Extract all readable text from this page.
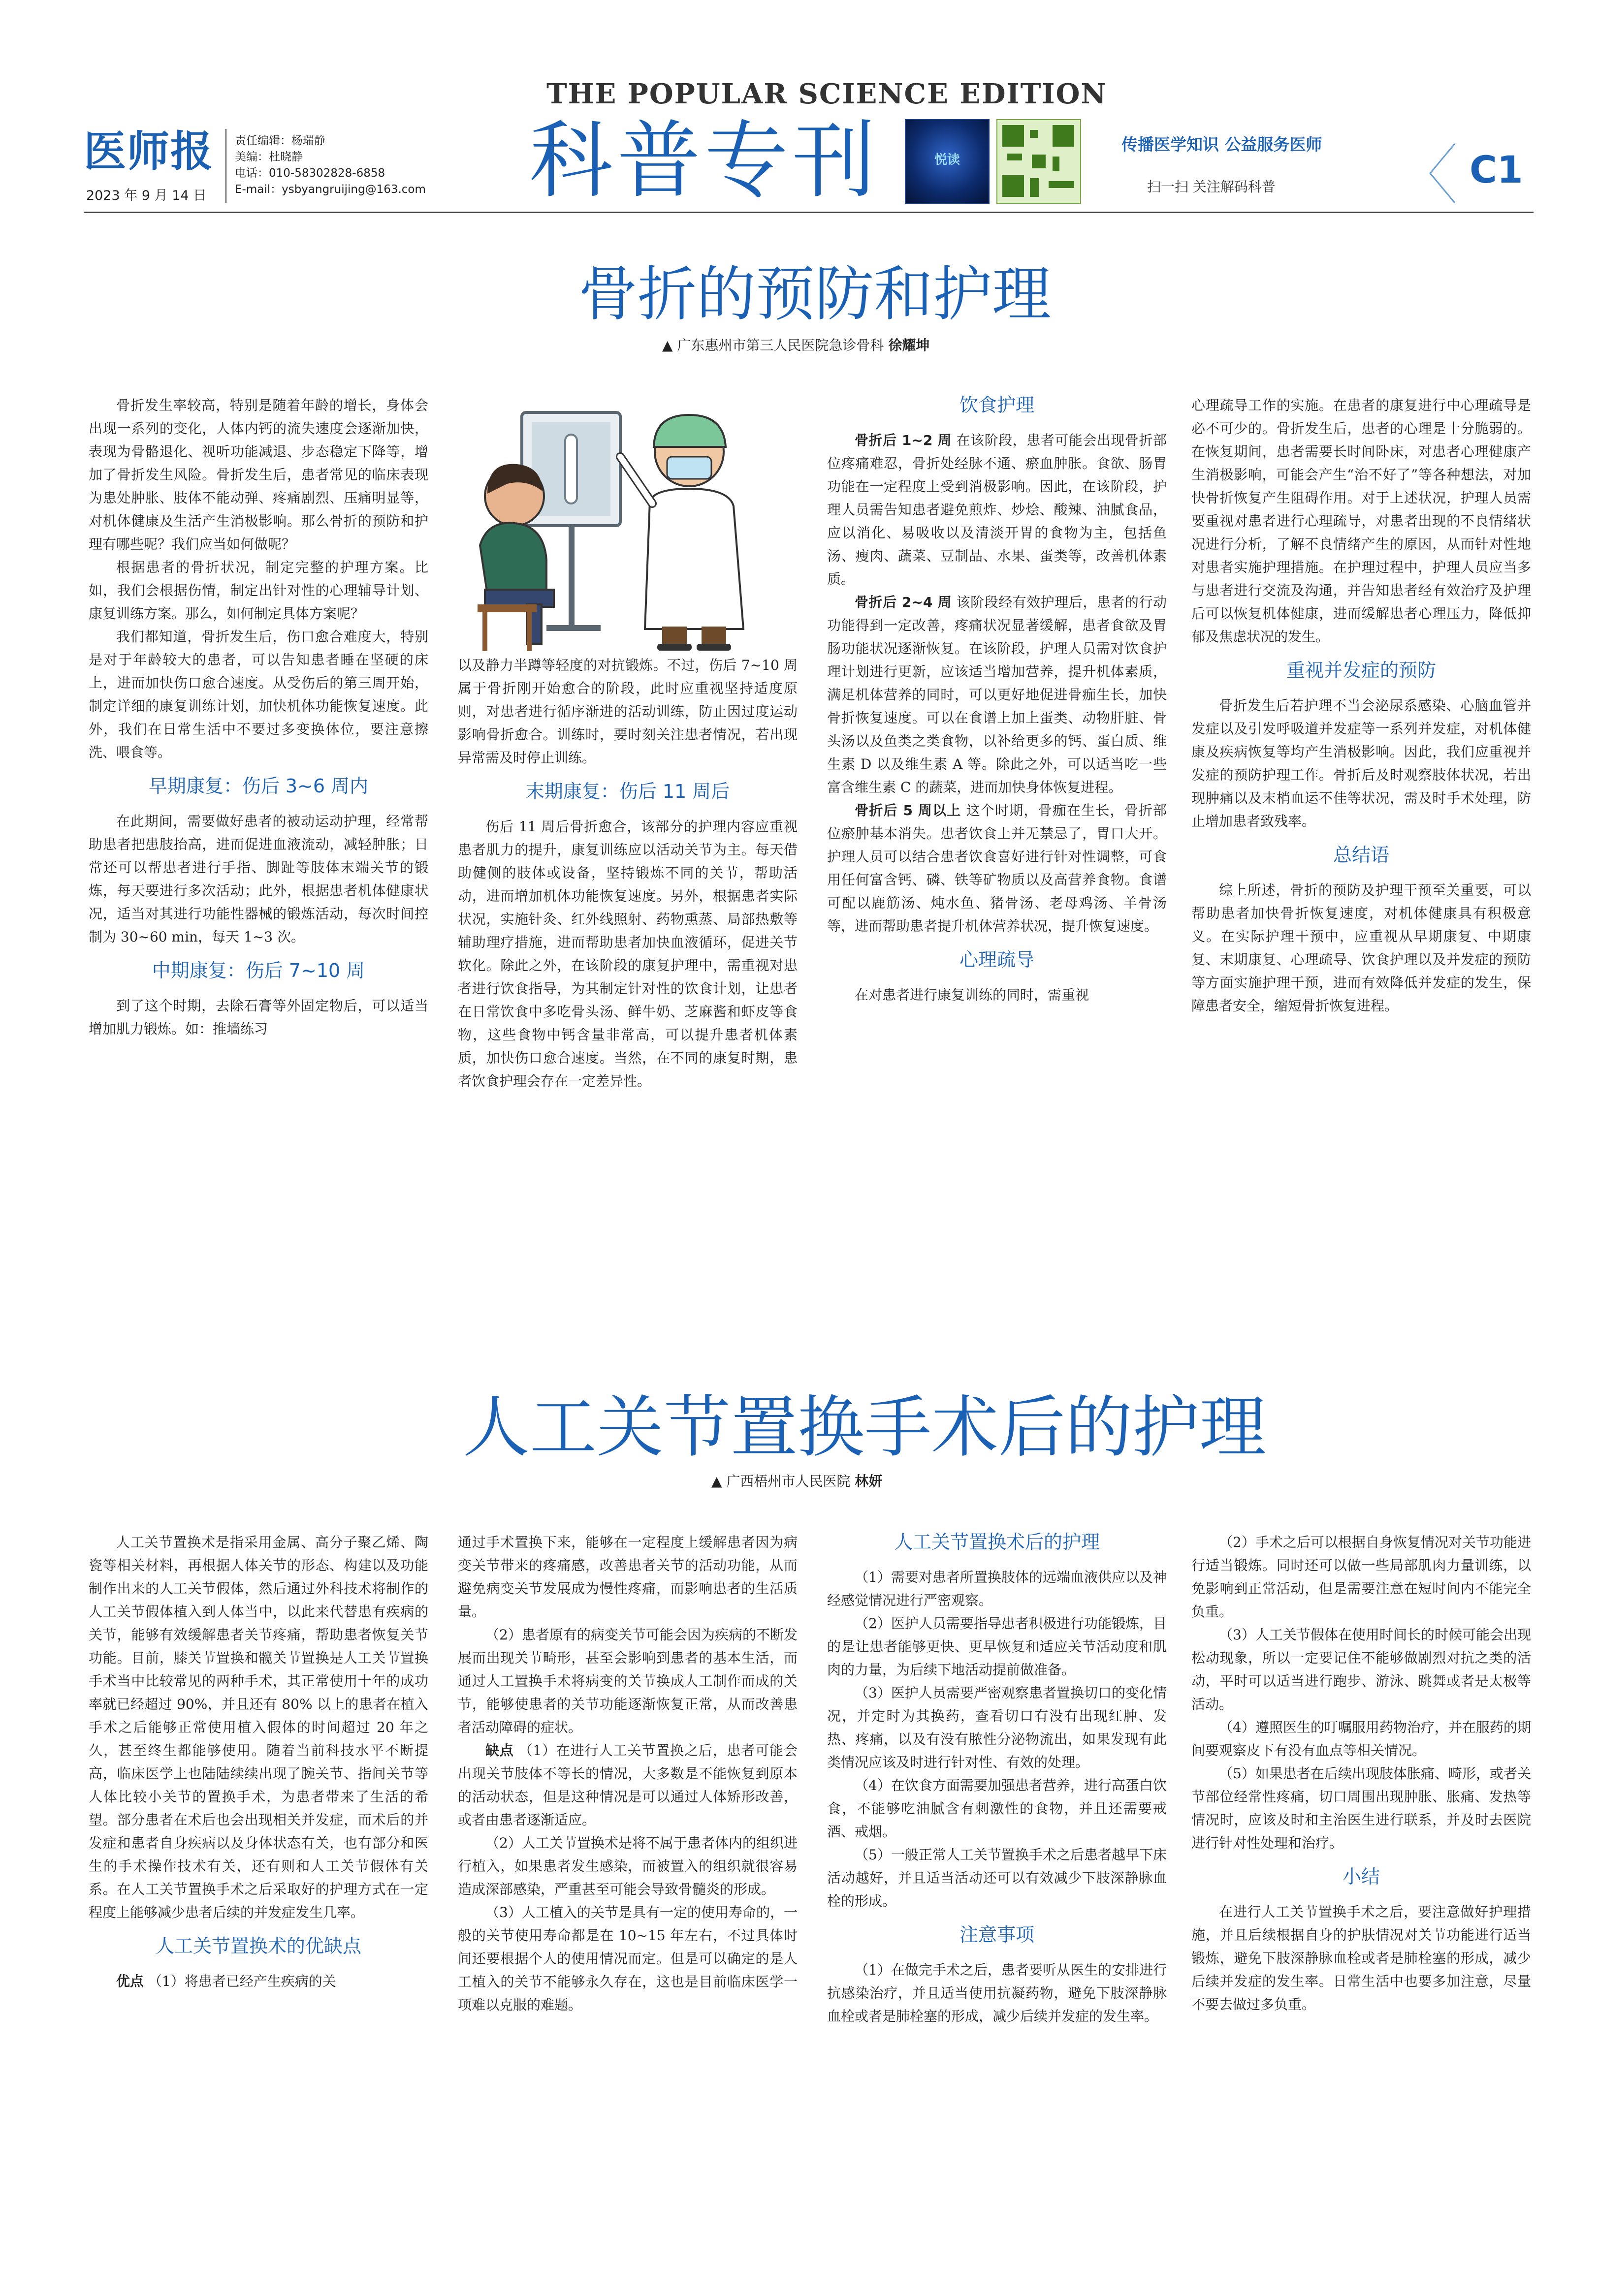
医师报
2023 年 9 月 14 日
责任编辑：杨瑞静
美编：杜晓静
电话：010-58302828-6858
E-mail：ysbyangruijing@163.com
THE POPULAR SCIENCE EDITION
科普专刊	悦读
传播医学知识 公益服务医师
扫一扫 关注解码科普	C1
骨折的预防和护理
▲ 广东惠州市第三人民医院急诊骨科 徐耀坤

骨折发生率较高，特别是随着年龄的增长，身体会出现一系列的变化，人体内钙的流失速度会逐渐加快，表现为骨骼退化、视听功能减退、步态稳定下降等，增加了骨折发生风险。骨折发生后，患者常见的临床表现为患处肿胀、肢体不能动弹、疼痛剧烈、压痛明显等，对机体健康及生活产生消极影响。那么骨折的预防和护理有哪些呢？我们应当如何做呢？

根据患者的骨折状况，制定完整的护理方案。比如，我们会根据伤情，制定出针对性的心理辅导计划、康复训练方案。那么，如何制定具体方案呢？

我们都知道，骨折发生后，伤口愈合难度大，特别是对于年龄较大的患者，可以告知患者睡在坚硬的床上，进而加快伤口愈合速度。从受伤后的第三周开始，制定详细的康复训练计划，加快机体功能恢复速度。此外，我们在日常生活中不要过多变换体位，要注意擦洗、喂食等。

早期康复：伤后 3~6 周内

在此期间，需要做好患者的被动运动护理，经常帮助患者把患肢抬高，进而促进血液流动，减轻肿胀；日常还可以帮患者进行手指、脚趾等肢体末端关节的锻炼，每天要进行多次活动；此外，根据患者机体健康状况，适当对其进行功能性器械的锻炼活动，每次时间控制为 30~60 min，每天 1~3 次。

中期康复：伤后 7~10 周

到了这个时期，去除石膏等外固定物后，可以适当增加肌力锻炼。如：推墙练习

以及静力半蹲等轻度的对抗锻炼。不过，伤后 7~10 周属于骨折刚开始愈合的阶段，此时应重视坚持适度原则，对患者进行循序渐进的活动训练，防止因过度运动影响骨折愈合。训练时，要时刻关注患者情况，若出现异常需及时停止训练。

末期康复：伤后 11 周后

伤后 11 周后骨折愈合，该部分的护理内容应重视患者肌力的提升，康复训练应以活动关节为主。每天借助健侧的肢体或设备，坚持锻炼不同的关节，帮助活动，进而增加机体功能恢复速度。另外，根据患者实际状况，实施针灸、红外线照射、药物熏蒸、局部热敷等辅助理疗措施，进而帮助患者加快血液循环，促进关节软化。除此之外，在该阶段的康复护理中，需重视对患者进行饮食指导，为其制定针对性的饮食计划，让患者在日常饮食中多吃骨头汤、鲜牛奶、芝麻酱和虾皮等食物，这些食物中钙含量非常高，可以提升患者机体素质，加快伤口愈合速度。当然，在不同的康复时期，患者饮食护理会存在一定差异性。

饮食护理

骨折后 1~2 周 在该阶段，患者可能会出现骨折部位疼痛难忍，骨折处经脉不通、瘀血肿胀。食欲、肠胃功能在一定程度上受到消极影响。因此，在该阶段，护理人员需告知患者避免煎炸、炒烩、酸辣、油腻食品，应以消化、易吸收以及清淡开胃的食物为主，包括鱼汤、瘦肉、蔬菜、豆制品、水果、蛋类等，改善机体素质。

骨折后 2~4 周 该阶段经有效护理后，患者的行动功能得到一定改善，疼痛状况显著缓解，患者食欲及胃肠功能状况逐渐恢复。在该阶段，护理人员需对饮食护理计划进行更新，应该适当增加营养，提升机体素质，满足机体营养的同时，可以更好地促进骨痂生长，加快骨折恢复速度。可以在食谱上加上蛋类、动物肝脏、骨头汤以及鱼类之类食物，以补给更多的钙、蛋白质、维生素 D 以及维生素 A 等。除此之外，可以适当吃一些富含维生素 C 的蔬菜，进而加快身体恢复进程。

骨折后 5 周以上 这个时期，骨痂在生长，骨折部位瘀肿基本消失。患者饮食上并无禁忌了，胃口大开。护理人员可以结合患者饮食喜好进行针对性调整，可食用任何富含钙、磷、铁等矿物质以及高营养食物。食谱可配以鹿筋汤、炖水鱼、猪骨汤、老母鸡汤、羊骨汤等，进而帮助患者提升机体营养状况，提升恢复速度。

心理疏导

在对患者进行康复训练的同时，需重视

心理疏导工作的实施。在患者的康复进行中心理疏导是必不可少的。骨折发生后，患者的心理是十分脆弱的。在恢复期间，患者需要长时间卧床，对患者心理健康产生消极影响，可能会产生“治不好了”等各种想法，对加快骨折恢复产生阻碍作用。对于上述状况，护理人员需要重视对患者进行心理疏导，对患者出现的不良情绪状况进行分析，了解不良情绪产生的原因，从而针对性地对患者实施护理措施。在护理过程中，护理人员应当多与患者进行交流及沟通，并告知患者经有效治疗及护理后可以恢复机体健康，进而缓解患者心理压力，降低抑郁及焦虑状况的发生。

重视并发症的预防

骨折发生后若护理不当会泌尿系感染、心脑血管并发症以及引发呼吸道并发症等一系列并发症，对机体健康及疾病恢复等均产生消极影响。因此，我们应重视并发症的预防护理工作。骨折后及时观察肢体状况，若出现肿痛以及末梢血运不佳等状况，需及时手术处理，防止增加患者致残率。

总结语

综上所述，骨折的预防及护理干预至关重要，可以帮助患者加快骨折恢复速度，对机体健康具有积极意义。在实际护理干预中，应重视从早期康复、中期康复、末期康复、心理疏导、饮食护理以及并发症的预防等方面实施护理干预，进而有效降低并发症的发生，保障患者安全，缩短骨折恢复进程。

人工关节置换手术后的护理
▲ 广西梧州市人民医院 林妍

人工关节置换术是指采用金属、高分子聚乙烯、陶瓷等相关材料，再根据人体关节的形态、构建以及功能制作出来的人工关节假体，然后通过外科技术将制作的人工关节假体植入到人体当中，以此来代替患有疾病的关节，能够有效缓解患者关节疼痛，帮助患者恢复关节功能。目前，膝关节置换和髋关节置换是人工关节置换手术当中比较常见的两种手术，其正常使用十年的成功率就已经超过 90%，并且还有 80% 以上的患者在植入手术之后能够正常使用植入假体的时间超过 20 年之久，甚至终生都能够使用。随着当前科技水平不断提高，临床医学上也陆陆续续出现了腕关节、指间关节等人体比较小关节的置换手术，为患者带来了生活的希望。部分患者在术后也会出现相关并发症，而术后的并发症和患者自身疾病以及身体状态有关，也有部分和医生的手术操作技术有关，还有则和人工关节假体有关系。在人工关节置换手术之后采取好的护理方式在一定程度上能够减少患者后续的并发症发生几率。

人工关节置换术的优缺点

优点 （1）将患者已经产生疾病的关

通过手术置换下来，能够在一定程度上缓解患者因为病变关节带来的疼痛感，改善患者关节的活动功能，从而避免病变关节发展成为慢性疼痛，而影响患者的生活质量。

（2）患者原有的病变关节可能会因为疾病的不断发展而出现关节畸形，甚至会影响到患者的基本生活，而通过人工置换手术将病变的关节换成人工制作而成的关节，能够使患者的关节功能逐渐恢复正常，从而改善患者活动障碍的症状。

缺点 （1）在进行人工关节置换之后，患者可能会出现关节肢体不等长的情况，大多数是不能恢复到原本的活动状态，但是这种情况是可以通过人体矫形改善，或者由患者逐渐适应。

（2）人工关节置换术是将不属于患者体内的组织进行植入，如果患者发生感染，而被置入的组织就很容易造成深部感染，严重甚至可能会导致骨髓炎的形成。

（3）人工植入的关节是具有一定的使用寿命的，一般的关节使用寿命都是在 10~15 年左右，不过具体时间还要根据个人的使用情况而定。但是可以确定的是人工植入的关节不能够永久存在，这也是目前临床医学一项难以克服的难题。

人工关节置换术后的护理

（1）需要对患者所置换肢体的远端血液供应以及神经感觉情况进行严密观察。

（2）医护人员需要指导患者积极进行功能锻炼，目的是让患者能够更快、更早恢复和适应关节活动度和肌肉的力量，为后续下地活动提前做准备。

（3）医护人员需要严密观察患者置换切口的变化情况，并定时为其换药，查看切口有没有出现红肿、发热、疼痛，以及有没有脓性分泌物流出，如果发现有此类情况应该及时进行针对性、有效的处理。

（4）在饮食方面需要加强患者营养，进行高蛋白饮食，不能够吃油腻含有刺激性的食物，并且还需要戒酒、戒烟。

（5）一般正常人工关节置换手术之后患者越早下床活动越好，并且适当活动还可以有效减少下肢深静脉血栓的形成。

注意事项

（1）在做完手术之后，患者要听从医生的安排进行抗感染治疗，并且适当使用抗凝药物，避免下肢深静脉血栓或者是肺栓塞的形成，减少后续并发症的发生率。

（2）手术之后可以根据自身恢复情况对关节功能进行适当锻炼。同时还可以做一些局部肌肉力量训练，以免影响到正常活动，但是需要注意在短时间内不能完全负重。

（3）人工关节假体在使用时间长的时候可能会出现松动现象，所以一定要记住不能够做剧烈对抗之类的活动，平时可以适当进行跑步、游泳、跳舞或者是太极等活动。

（4）遵照医生的叮嘱服用药物治疗，并在服药的期间要观察皮下有没有血点等相关情况。

（5）如果患者在后续出现肢体胀痛、畸形，或者关节部位经常性疼痛，切口周围出现肿胀、胀痛、发热等情况时，应该及时和主治医生进行联系，并及时去医院进行针对性处理和治疗。

小结

在进行人工关节置换手术之后，要注意做好护理措施，并且后续根据自身的护肤情况对关节功能进行适当锻炼，避免下肢深静脉血栓或者是肺栓塞的形成，减少后续并发症的发生率。日常生活中也要多加注意，尽量不要去做过多负重。
